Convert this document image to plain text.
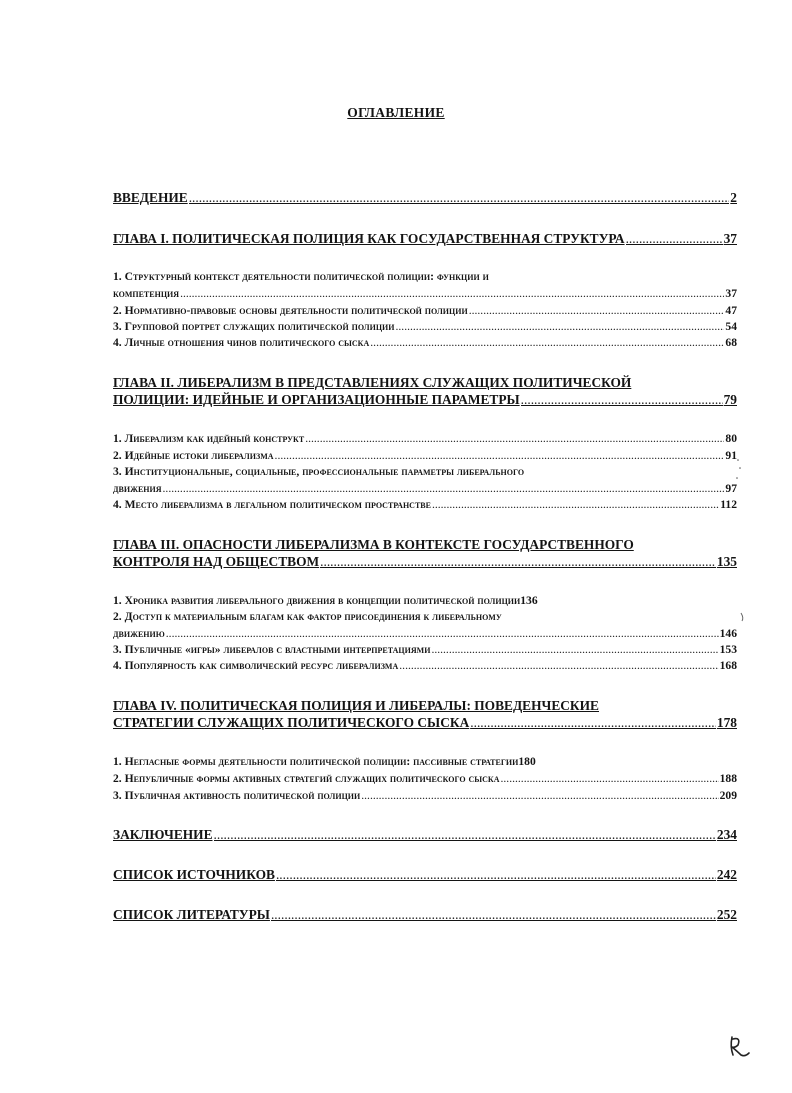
ОГЛАВЛЕНИЕ
ВВЕДЕНИЕ .....	2
ГЛАВА I. ПОЛИТИЧЕСКАЯ ПОЛИЦИЯ КАК ГОСУДАРСТВЕННАЯ СТРУКТУРА .....	37
1. Структурный контекст деятельности политической полиции: функции и
компетенция .....	37
2. Нормативно-правовые основы деятельности политической полиции .....	47
3. Групповой портрет служащих политической полиции .....	54
4. Личные отношения чинов политического сыска .....	68
ГЛАВА II. ЛИБЕРАЛИЗМ В ПРЕДСТАВЛЕНИЯХ СЛУЖАЩИХ ПОЛИТИЧЕСКОЙ
ПОЛИЦИИ: ИДЕЙНЫЕ И ОРГАНИЗАЦИОННЫЕ ПАРАМЕТРЫ .....	79
1. Либерализм как идейный конструкт .....	80
2. Идейные истоки либерализма .....	91
3. Институциональные, социальные, профессиональные параметры либерального
движения .....	97
4. Место либерализма в легальном политическом пространстве .....	112
ГЛАВА III. ОПАСНОСТИ ЛИБЕРАЛИЗМА В КОНТЕКСТЕ ГОСУДАРСТВЕННОГО
КОНТРОЛЯ НАД ОБЩЕСТВОМ .....	135
1. Хроника развития либерального движения в концепции политической полиции 136
2. Доступ к материальным благам как фактор присоединения к либеральному
движению .....	146
3. Публичные «игры» либералов с властными интерпретациями .....	153
4. Популярность как символический ресурс либерализма .....	168
ГЛАВА IV. ПОЛИТИЧЕСКАЯ ПОЛИЦИЯ И ЛИБЕРАЛЫ: ПОВЕДЕНЧЕСКИЕ
СТРАТЕГИИ СЛУЖАЩИХ ПОЛИТИЧЕСКОГО СЫСКА .....	178
1. Негласные формы деятельности политической полиции: пассивные стратегии 180
2. Непубличные формы активных стратегий служащих политического сыска .....	188
3. Публичная активность политической полиции .....	209
ЗАКЛЮЧЕНИЕ .....	234
СПИСОК ИСТОЧНИКОВ .....	242
СПИСОК ЛИТЕРАТУРЫ .....	252
